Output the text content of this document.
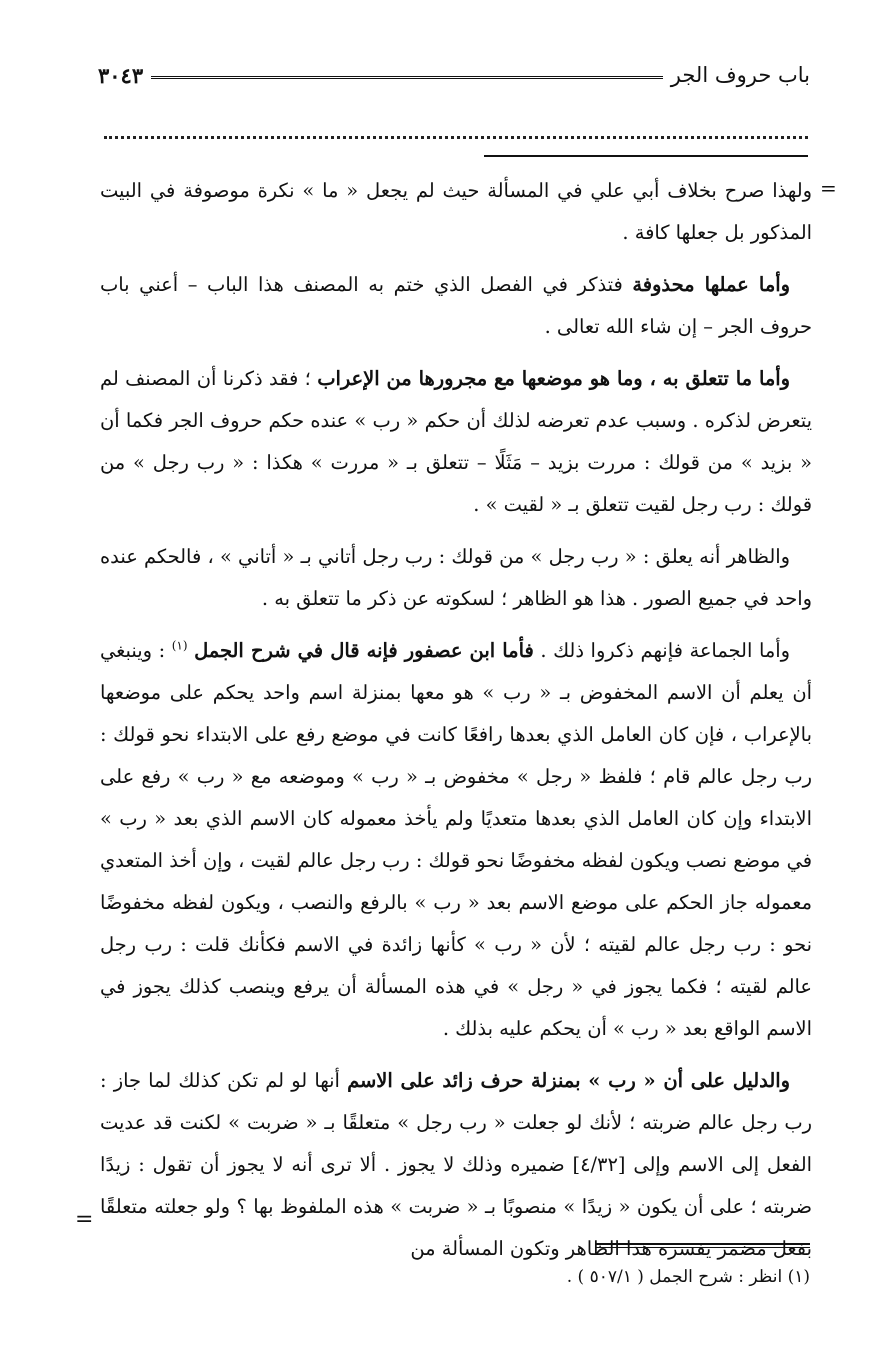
باب حروف الجر
٣٠٤٣
=

ولهذا صرح بخلاف أبي علي في المسألة حيث لم يجعل « ما » نكرة موصوفة في البيت المذكور بل جعلها كافة .

وأما عملها محذوفة فتذكر في الفصل الذي ختم به المصنف هذا الباب – أعني باب حروف الجر – إن شاء الله تعالى .

وأما ما تتعلق به ، وما هو موضعها مع مجرورها من الإعراب ؛ فقد ذكرنا أن المصنف لم يتعرض لذكره . وسبب عدم تعرضه لذلك أن حكم « رب » عنده حكم حروف الجر فكما أن « بزيد » من قولك : مررت بزيد – مَثَلًا – تتعلق بـ « مررت » هكذا : « رب رجل » من قولك : رب رجل لقيت تتعلق بـ « لقيت » .

والظاهر أنه يعلق : « رب رجل » من قولك : رب رجل أتاني بـ « أتاني » ، فالحكم عنده واحد في جميع الصور . هذا هو الظاهر ؛ لسكوته عن ذكر ما تتعلق به .

وأما الجماعة فإنهم ذكروا ذلك . فأما ابن عصفور فإنه قال في شرح الجمل $^{(١)}$ : وينبغي أن يعلم أن الاسم المخفوض بـ « رب » هو معها بمنزلة اسم واحد يحكم على موضعها بالإعراب ، فإن كان العامل الذي بعدها رافعًا كانت في موضع رفع على الابتداء نحو قولك : رب رجل عالم قام ؛ فلفظ « رجل » مخفوض بـ « رب » وموضعه مع « رب » رفع على الابتداء وإن كان العامل الذي بعدها متعديًا ولم يأخذ معموله كان الاسم الذي بعد « رب » في موضع نصب ويكون لفظه مخفوضًا نحو قولك : رب رجل عالم لقيت ، وإن أخذ المتعدي معموله جاز الحكم على موضع الاسم بعد « رب » بالرفع والنصب ، ويكون لفظه مخفوضًا نحو : رب رجل عالم لقيته ؛ لأن « رب » كأنها زائدة في الاسم فكأنك قلت : رب رجل عالم لقيته ؛ فكما يجوز في « رجل » في هذه المسألة أن يرفع وينصب كذلك يجوز في الاسم الواقع بعد « رب » أن يحكم عليه بذلك .

والدليل على أن « رب » بمنزلة حرف زائد على الاسم أنها لو لم تكن كذلك لما جاز : رب رجل عالم ضربته ؛ لأنك لو جعلت « رب رجل » متعلقًا بـ « ضربت » لكنت قد عديت الفعل إلى الاسم وإلى [٤/٣٢] ضميره وذلك لا يجوز . ألا ترى أنه لا يجوز أن تقول : زيدًا ضربته ؛ على أن يكون « زيدًا » منصوبًا بـ « ضربت » هذه الملفوظ بها ؟ ولو جعلته متعلقًا بفعل مضمر يفسره هذا الظاهر وتكون المسألة من

=
(١) انظر : شرح الجمل ( ٥٠٧/١ ) .
